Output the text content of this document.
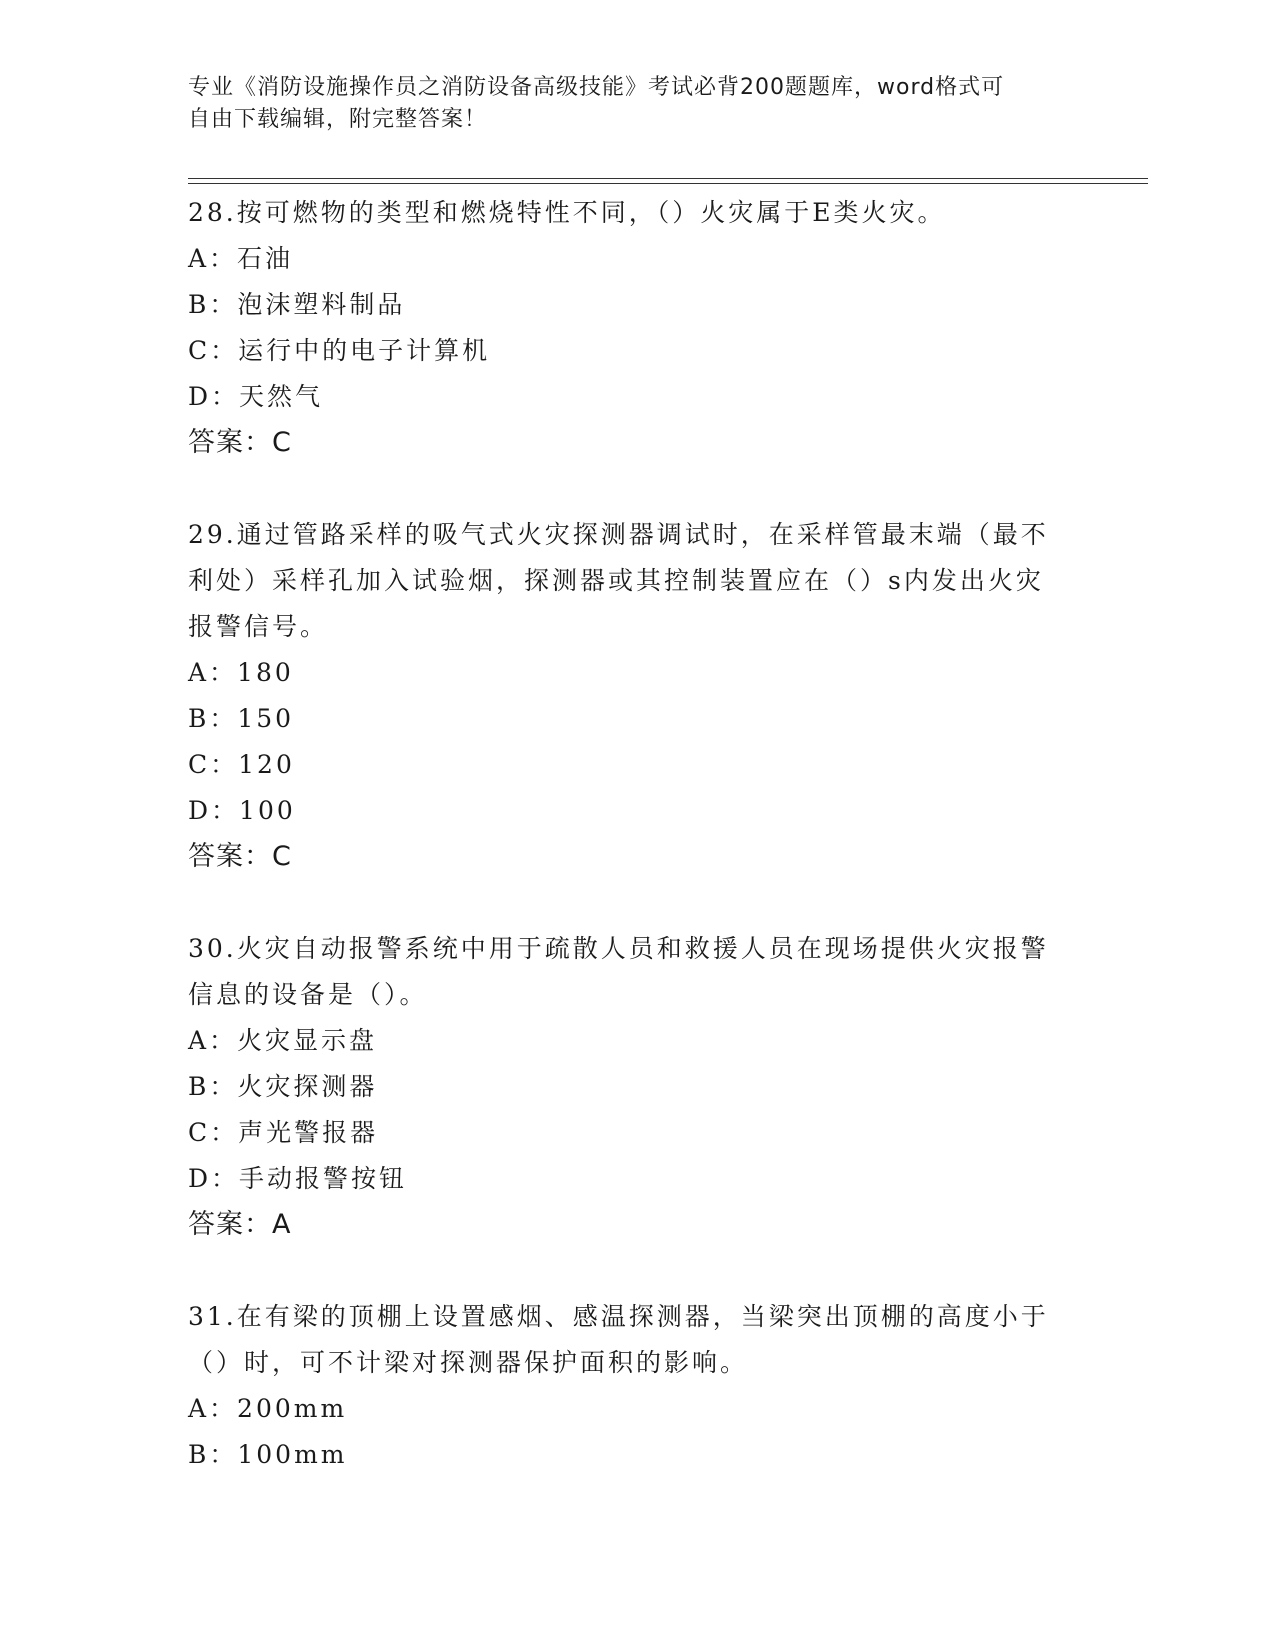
专业《消防设施操作员之消防设备高级技能》考试必背200题题库，word格式可
自由下载编辑，附完整答案！
28.按可燃物的类型和燃烧特性不同，（）火灾属于E类火灾。
A：石油
B：泡沫塑料制品
C：运行中的电子计算机
D：天然气
答案：C
29.通过管路采样的吸气式火灾探测器调试时，在采样管最末端（最不
利处）采样孔加入试验烟，探测器或其控制装置应在（）s内发出火灾
报警信号。
A：180
B：150
C：120
D：100
答案：C
30.火灾自动报警系统中用于疏散人员和救援人员在现场提供火灾报警
信息的设备是（）。
A：火灾显示盘
B：火灾探测器
C：声光警报器
D：手动报警按钮
答案：A
31.在有梁的顶棚上设置感烟、感温探测器，当梁突出顶棚的高度小于
（）时，可不计梁对探测器保护面积的影响。
A：200mm
B：100mm
